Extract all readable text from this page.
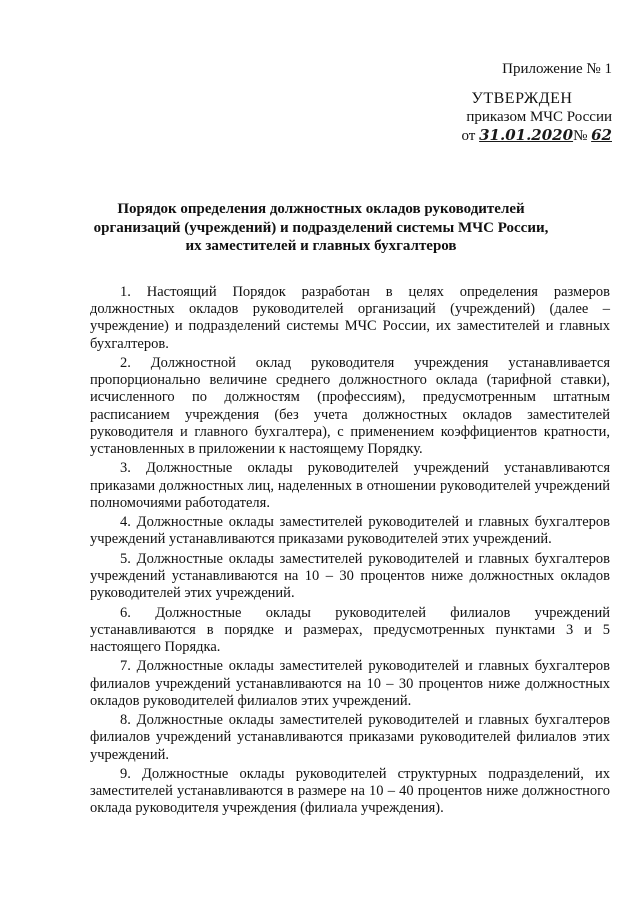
Приложение № 1
УТВЕРЖДЕН
приказом МЧС России
от 31.01.2020№ 62
Порядок определения должностных окладов руководителей организаций (учреждений) и подразделений системы МЧС России, их заместителей и главных бухгалтеров

1. Настоящий Порядок разработан в целях определения размеров должностных окладов руководителей организаций (учреждений) (далее – учреждение) и подразделений системы МЧС России, их заместителей и главных бухгалтеров.

2. Должностной оклад руководителя учреждения устанавливается пропорционально величине среднего должностного оклада (тарифной ставки), исчисленного по должностям (профессиям), предусмотренным штатным расписанием учреждения (без учета должностных окладов заместителей руководителя и главного бухгалтера), с применением коэффициентов кратности, установленных в приложении к настоящему Порядку.

3. Должностные оклады руководителей учреждений устанавливаются приказами должностных лиц, наделенных в отношении руководителей учреждений полномочиями работодателя.

4. Должностные оклады заместителей руководителей и главных бухгалтеров учреждений устанавливаются приказами руководителей этих учреждений.

5. Должностные оклады заместителей руководителей и главных бухгалтеров учреждений устанавливаются на 10 – 30 процентов ниже должностных окладов руководителей этих учреждений.

6. Должностные оклады руководителей филиалов учреждений устанавливаются в порядке и размерах, предусмотренных пунктами 3 и 5 настоящего Порядка.

7. Должностные оклады заместителей руководителей и главных бухгалтеров филиалов учреждений устанавливаются на 10 – 30 процентов ниже должностных окладов руководителей филиалов этих учреждений.

8. Должностные оклады заместителей руководителей и главных бухгалтеров филиалов учреждений устанавливаются приказами руководителей филиалов этих учреждений.

9. Должностные оклады руководителей структурных подразделений, их заместителей устанавливаются в размере на 10 – 40 процентов ниже должностного оклада руководителя учреждения (филиала учреждения).
